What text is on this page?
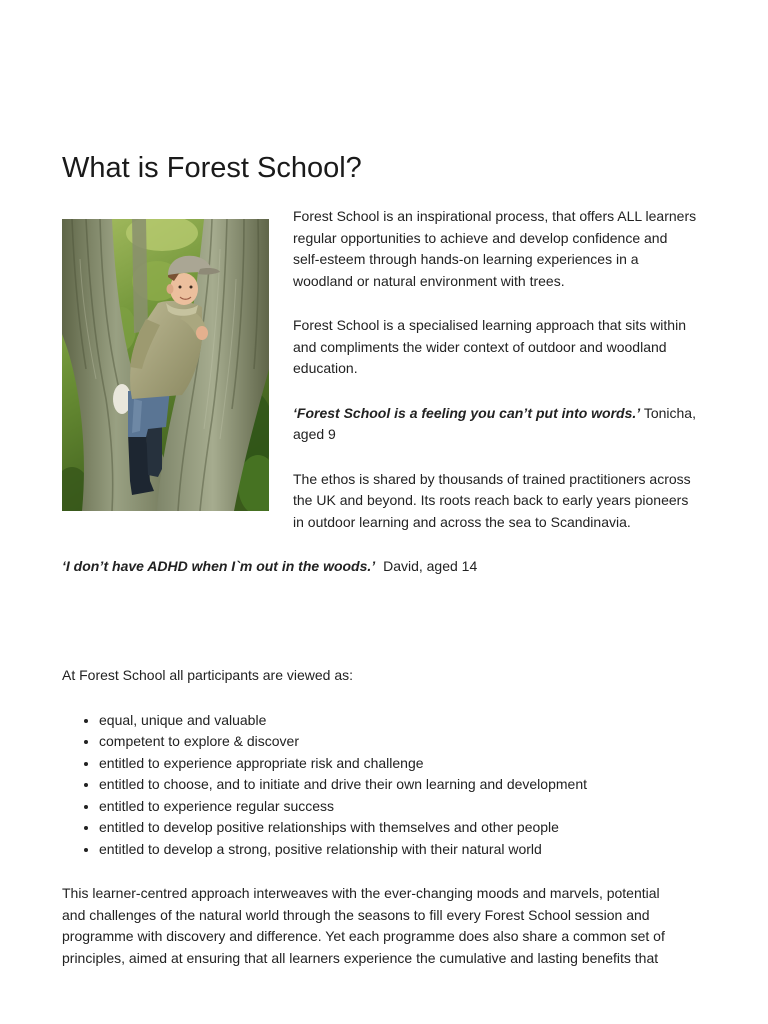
What is Forest School?

Forest School is an inspirational process, that offers ALL learners
regular opportunities to achieve and develop confidence and
self-esteem through hands-on learning experiences in a
woodland or natural environment with trees.

Forest School is a specialised learning approach that sits within
and compliments the wider context of outdoor and woodland
education.

‘Forest School is a feeling you can’t put into words.’ Tonicha, aged 9

The ethos is shared by thousands of trained practitioners across
the UK and beyond. Its roots reach back to early years pioneers
in outdoor learning and across the sea to Scandinavia.

‘I don’t have ADHD when I`m out in the woods.’ David, aged 14

At Forest School all participants are viewed as:

• equal, unique and valuable
• competent to explore & discover
• entitled to experience appropriate risk and challenge
• entitled to choose, and to initiate and drive their own learning and development
• entitled to experience regular success
• entitled to develop positive relationships with themselves and other people
• entitled to develop a strong, positive relationship with their natural world

This learner-centred approach interweaves with the ever-changing moods and marvels, potential
and challenges of the natural world through the seasons to fill every Forest School session and
programme with discovery and difference. Yet each programme does also share a common set of
principles, aimed at ensuring that all learners experience the cumulative and lasting benefits that
